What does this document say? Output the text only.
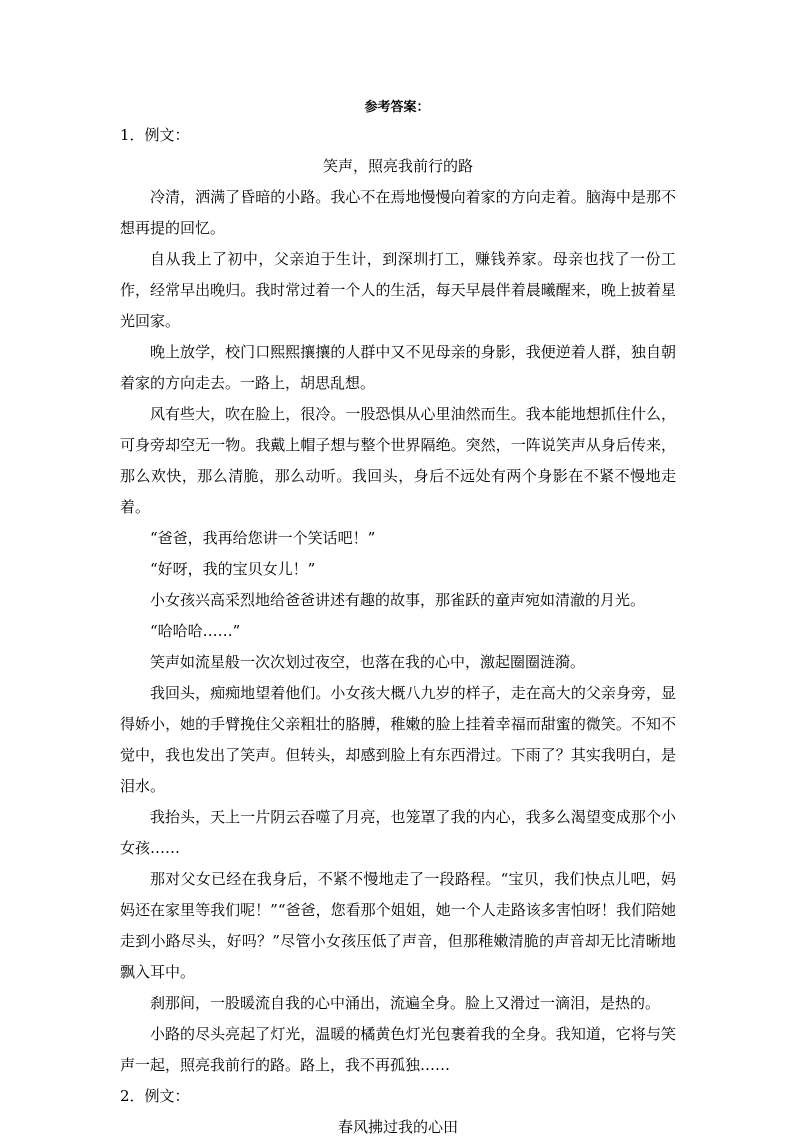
参考答案：

1．例文：

笑声，照亮我前行的路

冷清，洒满了昏暗的小路。我心不在焉地慢慢向着家的方向走着。脑海中是那不想再提的回忆。

自从我上了初中，父亲迫于生计，到深圳打工，赚钱养家。母亲也找了一份工作，经常早出晚归。我时常过着一个人的生活，每天早晨伴着晨曦醒来，晚上披着星光回家。

晚上放学，校门口熙熙攘攘的人群中又不见母亲的身影，我便逆着人群，独自朝着家的方向走去。一路上，胡思乱想。

风有些大，吹在脸上，很冷。一股恐惧从心里油然而生。我本能地想抓住什么，可身旁却空无一物。我戴上帽子想与整个世界隔绝。突然，一阵说笑声从身后传来，那么欢快，那么清脆，那么动听。我回头，身后不远处有两个身影在不紧不慢地走着。

“爸爸，我再给您讲一个笑话吧！”

“好呀，我的宝贝女儿！”

小女孩兴高采烈地给爸爸讲述有趣的故事，那雀跃的童声宛如清澈的月光。

“哈哈哈……”

笑声如流星般一次次划过夜空，也落在我的心中，激起圈圈涟漪。

我回头，痴痴地望着他们。小女孩大概八九岁的样子，走在高大的父亲身旁，显得娇小，她的手臂挽住父亲粗壮的胳膊，稚嫩的脸上挂着幸福而甜蜜的微笑。不知不觉中，我也发出了笑声。但转头，却感到脸上有东西滑过。下雨了？其实我明白，是泪水。

我抬头，天上一片阴云吞噬了月亮，也笼罩了我的内心，我多么渴望变成那个小女孩……

那对父女已经在我身后，不紧不慢地走了一段路程。“宝贝，我们快点儿吧，妈妈还在家里等我们呢！”“爸爸，您看那个姐姐，她一个人走路该多害怕呀！我们陪她走到小路尽头，好吗？”尽管小女孩压低了声音，但那稚嫩清脆的声音却无比清晰地飘入耳中。

刹那间，一股暖流自我的心中涌出，流遍全身。脸上又滑过一滴泪，是热的。

小路的尽头亮起了灯光，温暖的橘黄色灯光包裹着我的全身。我知道，它将与笑声一起，照亮我前行的路。路上，我不再孤独……

2．例文：

春风拂过我的心田
